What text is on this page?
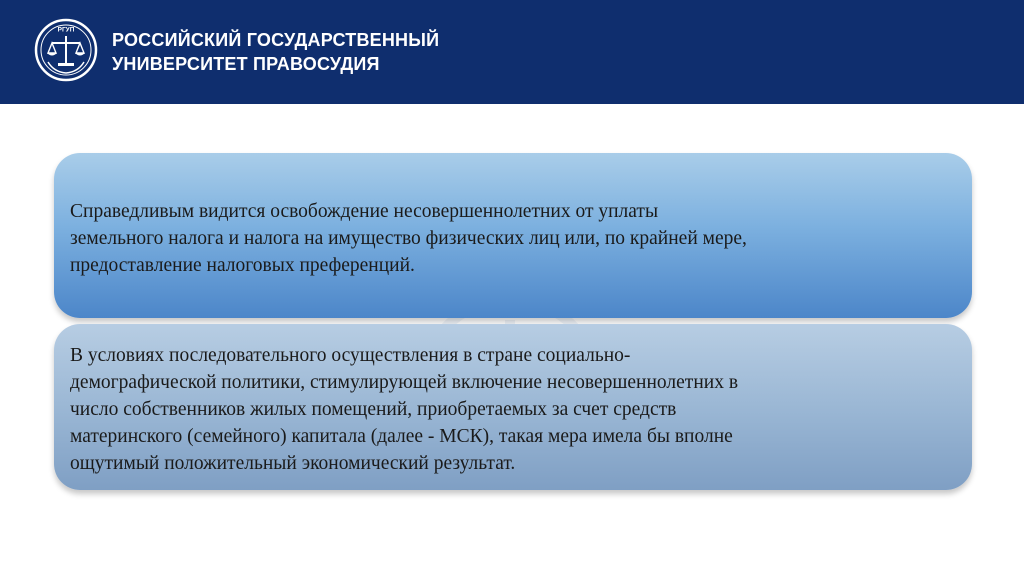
РГУП РОССИЙСКИЙ ГОСУДАРСТВЕННЫЙ
УНИВЕРСИТЕТ ПРАВОСУДИЯ
Справедливым видится освобождение несовершеннолетних от уплаты
земельного налога и налога на имущество физических лиц или, по крайней мере,
предоставление налоговых преференций.
В условиях последовательного осуществления в стране социально-
демографической политики, стимулирующей включение несовершеннолетних в
число собственников жилых помещений, приобретаемых за счет средств
материнского (семейного) капитала (далее - МСК), такая мера имела бы вполне
ощутимый положительный экономический результат.
